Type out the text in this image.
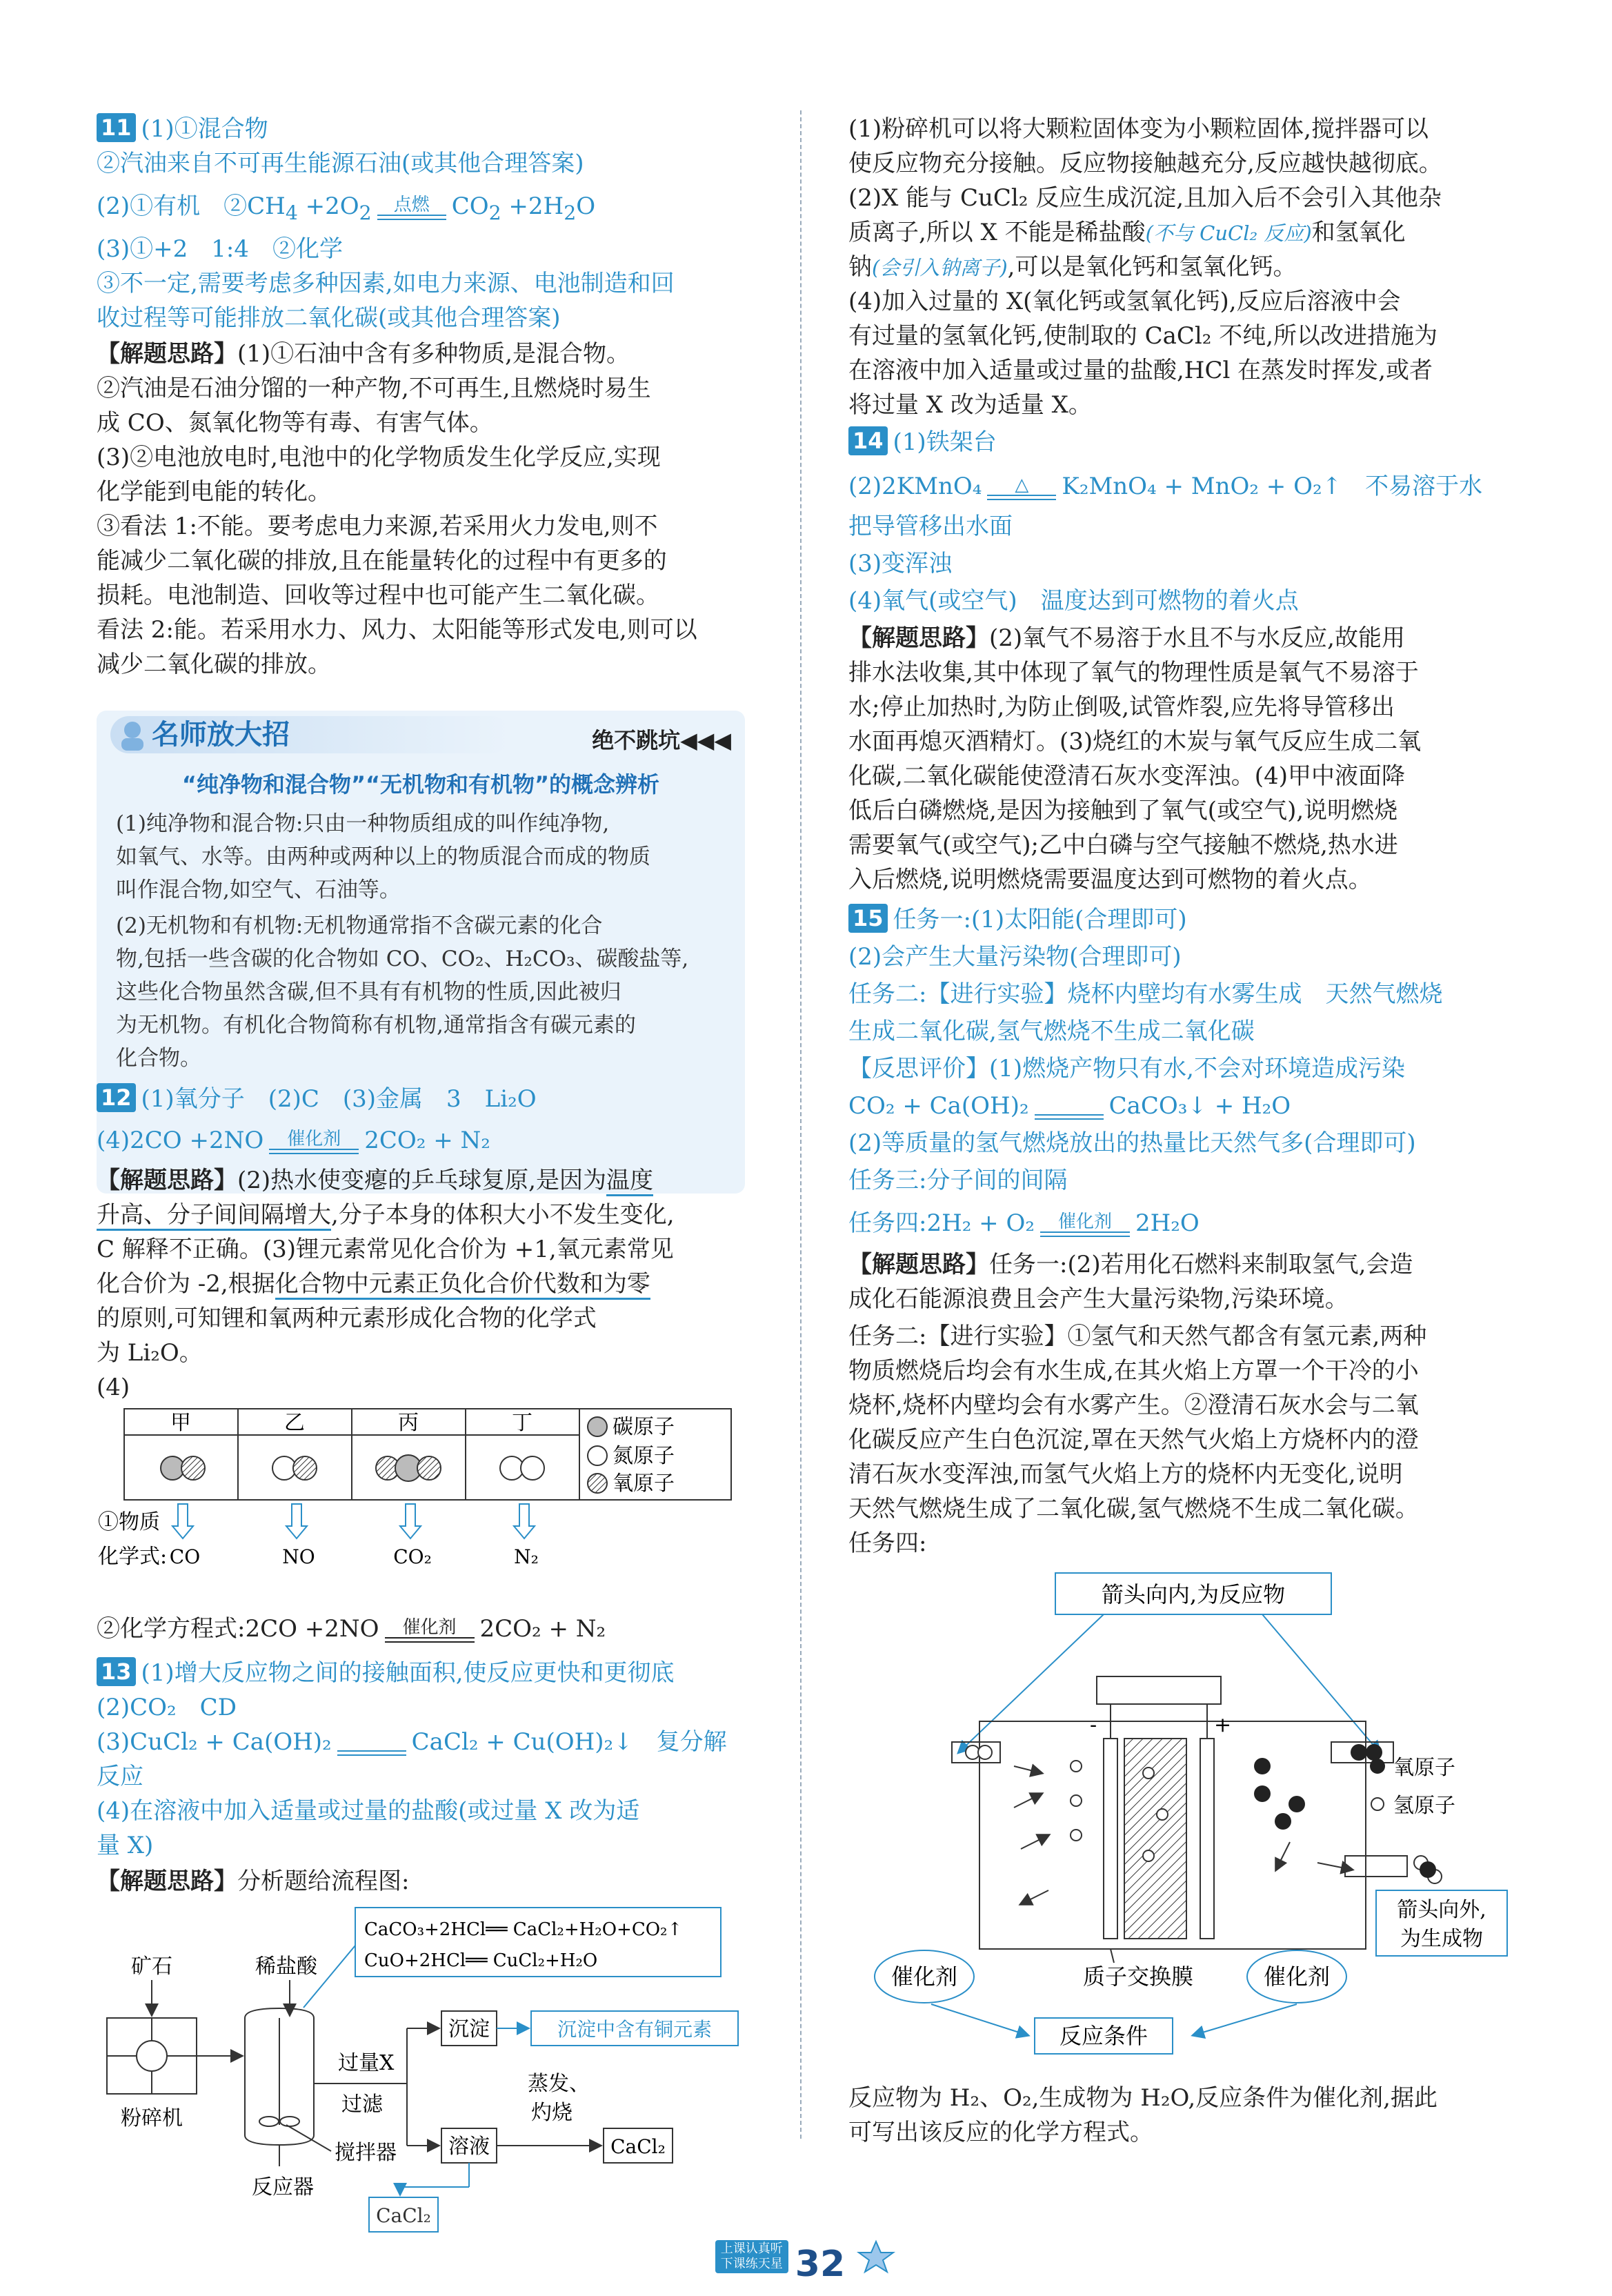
11 (1)①混合物
②汽油来自不可再生能源石油(或其他合理答案)
(2)①有机　$②CH_4 +2O_2$	点燃 $CO_2 +2H_2O$
(3)①+2　1:4　②化学
③不一定,需要考虑多种因素,如电力来源、电池制造和回
收过程等可能排放二氧化碳(或其他合理答案)
【解题思路】(1)①石油中含有多种物质,是混合物。
②汽油是石油分馏的一种产物,不可再生,且燃烧时易生
成 CO、氮氧化物等有毒、有害气体。
(3)②电池放电时,电池中的化学物质发生化学反应,实现
化学能到电能的转化。
③看法 1:不能。要考虑电力来源,若采用火力发电,则不
能减少二氧化碳的排放,且在能量转化的过程中有更多的
损耗。电池制造、回收等过程中也可能产生二氧化碳。
看法 2:能。若采用水力、风力、太阳能等形式发电,则可以
减少二氧化碳的排放。
名师放大招	绝不跳坑◀◀◀
“纯净物和混合物”“无机物和有机物”的概念辨析
(1)纯净物和混合物:只由一种物质组成的叫作纯净物,
如氧气、水等。由两种或两种以上的物质混合而成的物质
叫作混合物,如空气、石油等。
(2)无机物和有机物:无机物通常指不含碳元素的化合
物,包括一些含碳的化合物如 CO、CO₂、H₂CO₃、碳酸盐等,
这些化合物虽然含碳,但不具有有机物的性质,因此被归
为无机物。有机化合物简称有机物,通常指含有碳元素的
化合物。
12 (1)氧分子　(2)C　(3)金属　3　Li₂O
(4)2CO +2NO	催化剂	2CO₂ + N₂
【解题思路】(2)热水使变瘪的乒乓球复原,是因为温度
升高、分子间间隔增大,分子本身的体积大小不发生变化,
C 解释不正确。(3)锂元素常见化合价为 +1,氧元素常见
化合价为 -2,根据化合物中元素正负化合价代数和为零
的原则,可知锂和氧两种元素形成化合物的化学式
为 Li₂O。
(4)
甲	乙	丙	丁	碳原子
氮原子
氧原子
①物质
化学式: CO	NO	CO₂	N₂
②化学方程式:2CO +2NO	催化剂	2CO₂ + N₂
13 (1)增大反应物之间的接触面积,使反应更快和更彻底
(2)CO₂　CD
(3)CuCl₂ + Ca(OH)₂
	CaCl₂ + Cu(OH)₂↓　复分解
反应
(4)在溶液中加入适量或过量的盐酸(或过量 X 改为适
量 X)
【解题思路】分析题给流程图:
矿石	稀盐酸
粉碎机
搅拌器
反应器
CaCO₃+2HCl══ CaCl₂+H₂O+CO₂↑
CuO+2HCl══ CuCl₂+H₂O
过量X
过滤
沉淀	沉淀中含有铜元素
溶液
蒸发、
灼烧
CaCl₂
CaCl₂
(1)粉碎机可以将大颗粒固体变为小颗粒固体,搅拌器可以
使反应物充分接触。反应物接触越充分,反应越快越彻底。
(2)X 能与 CuCl₂ 反应生成沉淀,且加入后不会引入其他杂
质离子,所以 X 不能是稀盐酸(不与 CuCl₂ 反应)和氢氧化
钠(会引入钠离子),可以是氧化钙和氢氧化钙。
(4)加入过量的 X(氧化钙或氢氧化钙),反应后溶液中会
有过量的氢氧化钙,使制取的 CaCl₂ 不纯,所以改进措施为
在溶液中加入适量或过量的盐酸,HCl 在蒸发时挥发,或者
将过量 X 改为适量 X。
14 (1)铁架台
(2)2KMnO₄	△	K₂MnO₄ + MnO₂ + O₂↑　不易溶于水
把导管移出水面
(3)变浑浊
(4)氧气(或空气)　温度达到可燃物的着火点
【解题思路】(2)氧气不易溶于水且不与水反应,故能用
排水法收集,其中体现了氧气的物理性质是氧气不易溶于
水;停止加热时,为防止倒吸,试管炸裂,应先将导管移出
水面再熄灭酒精灯。(3)烧红的木炭与氧气反应生成二氧
化碳,二氧化碳能使澄清石灰水变浑浊。(4)甲中液面降
低后白磷燃烧,是因为接触到了氧气(或空气),说明燃烧
需要氧气(或空气);乙中白磷与空气接触不燃烧,热水进
入后燃烧,说明燃烧需要温度达到可燃物的着火点。
15 任务一:(1)太阳能(合理即可)
(2)会产生大量污染物(合理即可)
任务二:【进行实验】烧杯内壁均有水雾生成　天然气燃烧
生成二氧化碳,氢气燃烧不生成二氧化碳
【反思评价】(1)燃烧产物只有水,不会对环境造成污染
CO₂ + Ca(OH)₂
	CaCO₃↓ + H₂O
(2)等质量的氢气燃烧放出的热量比天然气多(合理即可)
任务三:分子间的间隔
任务四:2H₂ + O₂	催化剂	2H₂O
【解题思路】任务一:(2)若用化石燃料来制取氢气,会造
成化石能源浪费且会产生大量污染物,污染环境。
任务二:【进行实验】①氢气和天然气都含有氢元素,两种
物质燃烧后均会有水生成,在其火焰上方罩一个干冷的小
烧杯,烧杯内壁均会有水雾产生。②澄清石灰水会与二氧
化碳反应产生白色沉淀,罩在天然气火焰上方烧杯内的澄
清石灰水变浑浊,而氢气火焰上方的烧杯内无变化,说明
天然气燃烧生成了二氧化碳,氢气燃烧不生成二氧化碳。
任务四:
箭头向内,为反应物
-	+
氧原子
氢原子
箭头向外,
为生成物
催化剂	催化剂
质子交换膜
反应条件
反应物为 H₂、O₂,生成物为 H₂O,反应条件为催化剂,据此
可写出该反应的化学方程式。
上课认真听
下课练天星 32
